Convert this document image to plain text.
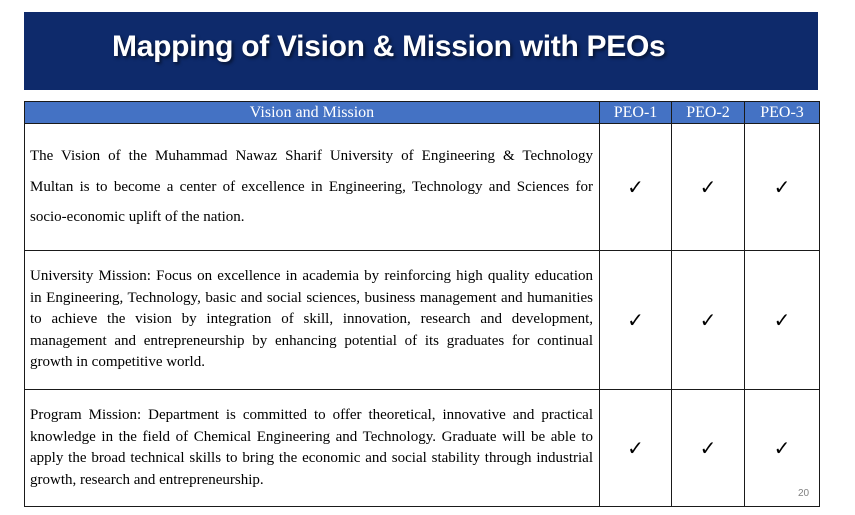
Mapping of Vision & Mission with PEOs
Vision and Mission	PEO-1	PEO-2	PEO-3
The Vision of the Muhammad Nawaz Sharif University of Engineering & Technology Multan is to become a center of excellence in Engineering, Technology and Sciences for socio-economic uplift of the nation.	✓	✓	✓
University Mission: Focus on excellence in academia by reinforcing high quality education in Engineering, Technology, basic and social sciences, business management and humanities to achieve the vision by integration of skill, innovation, research and development, management and entrepreneurship by enhancing potential of its graduates for continual growth in competitive world.	✓	✓	✓
Program Mission: Department is committed to offer theoretical, innovative and practical knowledge in the field of Chemical Engineering and Technology. Graduate will be able to apply the broad technical skills to bring the economic and social stability through industrial growth, research and entrepreneurship.	✓	✓	✓
20
